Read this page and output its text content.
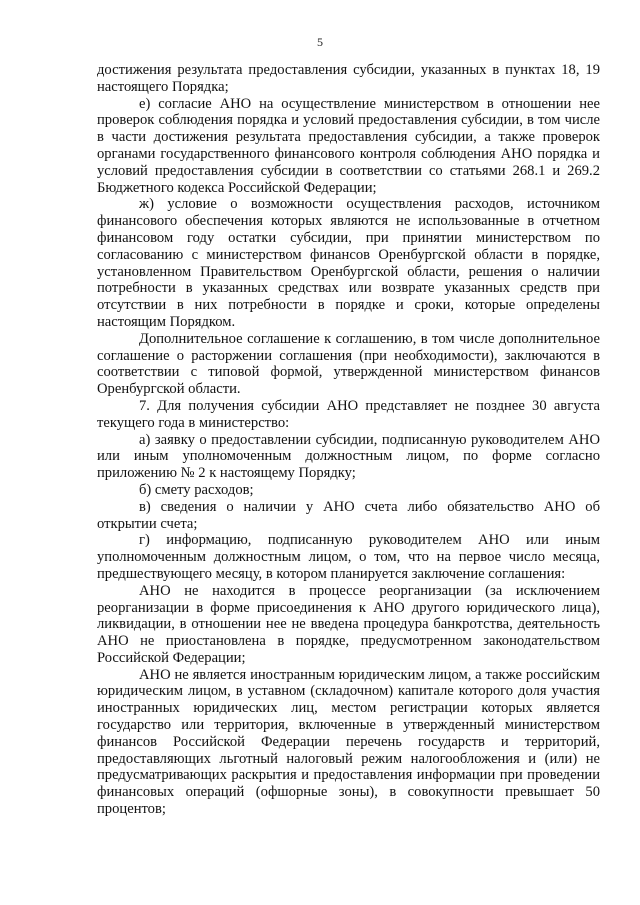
5

достижения результата предоставления субсидии, указанных в пунктах 18, 19 настоящего Порядка;

е) согласие АНО на осуществление министерством в отношении нее проверок соблюдения порядка и условий предоставления субсидии, в том числе в части достижения результата предоставления субсидии, а также проверок органами государственного финансового контроля соблюдения АНО порядка и условий предоставления субсидии в соответствии со статьями 268.1 и 269.2 Бюджетного кодекса Российской Федерации;

ж) условие о возможности осуществления расходов, источником финансового обеспечения которых являются не использованные в отчетном финансовом году остатки субсидии, при принятии министерством по согласованию с министерством финансов Оренбургской области в порядке, установленном Правительством Оренбургской области, решения о наличии потребности в указанных средствах или возврате указанных средств при отсутствии в них потребности в порядке и сроки, которые определены настоящим Порядком.

Дополнительное соглашение к соглашению, в том числе дополнительное соглашение о расторжении соглашения (при необходимости), заключаются в соответствии с типовой формой, утвержденной министерством финансов Оренбургской области.

7. Для получения субсидии АНО представляет не позднее 30 августа текущего года в министерство:

а) заявку о предоставлении субсидии, подписанную руководителем АНО или иным уполномоченным должностным лицом, по форме согласно приложению № 2 к настоящему Порядку;

б) смету расходов;

в) сведения о наличии у АНО счета либо обязательство АНО об открытии счета;

г) информацию, подписанную руководителем АНО или иным уполномоченным должностным лицом, о том, что на первое число месяца, предшествующего месяцу, в котором планируется заключение соглашения:

АНО не находится в процессе реорганизации (за исключением реорганизации в форме присоединения к АНО другого юридического лица), ликвидации, в отношении нее не введена процедура банкротства, деятельность АНО не приостановлена в порядке, предусмотренном законодательством Российской Федерации;

АНО не является иностранным юридическим лицом, а также российским юридическим лицом, в уставном (складочном) капитале которого доля участия иностранных юридических лиц, местом регистрации которых является государство или территория, включенные в утвержденный министерством финансов Российской Федерации перечень государств и территорий, предоставляющих льготный налоговый режим налогообложения и (или) не предусматривающих раскрытия и предоставления информации при проведении финансовых операций (офшорные зоны), в совокупности превышает 50 процентов;
